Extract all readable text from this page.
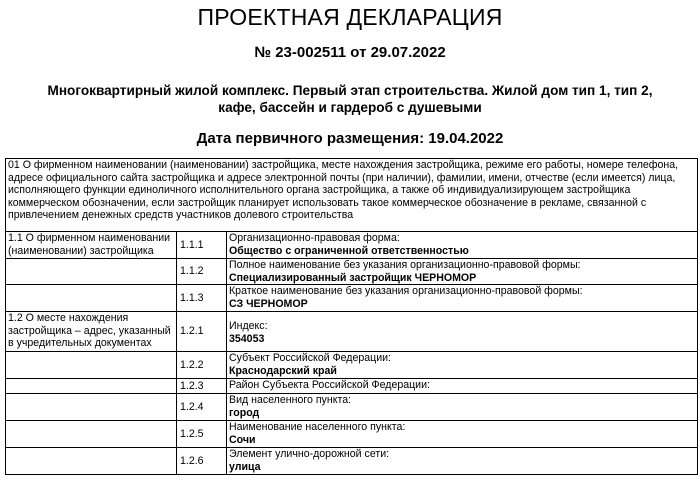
ПРОЕКТНАЯ ДЕКЛАРАЦИЯ
№ 23-002511 от 29.07.2022
Многоквартирный жилой комплекс. Первый этап строительства. Жилой дом тип 1, тип 2, кафе, бассейн и гардероб с душевыми
Дата первичного размещения: 19.04.2022
01 О фирменном наименовании (наименовании) застройщика, месте нахождения застройщика, режиме его работы, номере телефона, адресе официального сайта застройщика и адресе электронной почты (при наличии), фамилии, имени, отчестве (если имеется) лица, исполняющего функции единоличного исполнительного органа застройщика, а также об индивидуализирующем застройщика коммерческом обозначении, если застройщик планирует использовать такое коммерческое обозначение в рекламе, связанной с привлечением денежных средств участников долевого строительства		
1.1 О фирменном наименовании (наименовании) застройщика	1.1.1	Организационно-правовая форма:
Общество с ограниченной ответственностью

	1.1.2	Полное наименование без указания организационно-правовой формы:
Специализированный застройщик ЧЕРНОМОР

	1.1.3	Краткое наименование без указания организационно-правовой формы:
СЗ ЧЕРНОМОР

1.2 О месте нахождения застройщика – адрес, указанный в учредительных документах	1.2.1	Индекс:
354053

	1.2.2	Субъект Российской Федерации:
Краснодарский край

	1.2.3	Район Субъекта Российской Федерации:

	1.2.4	Вид населенного пункта:
город

	1.2.5	Наименование населенного пункта:
Сочи

	1.2.6	Элемент улично-дорожной сети:
улица
